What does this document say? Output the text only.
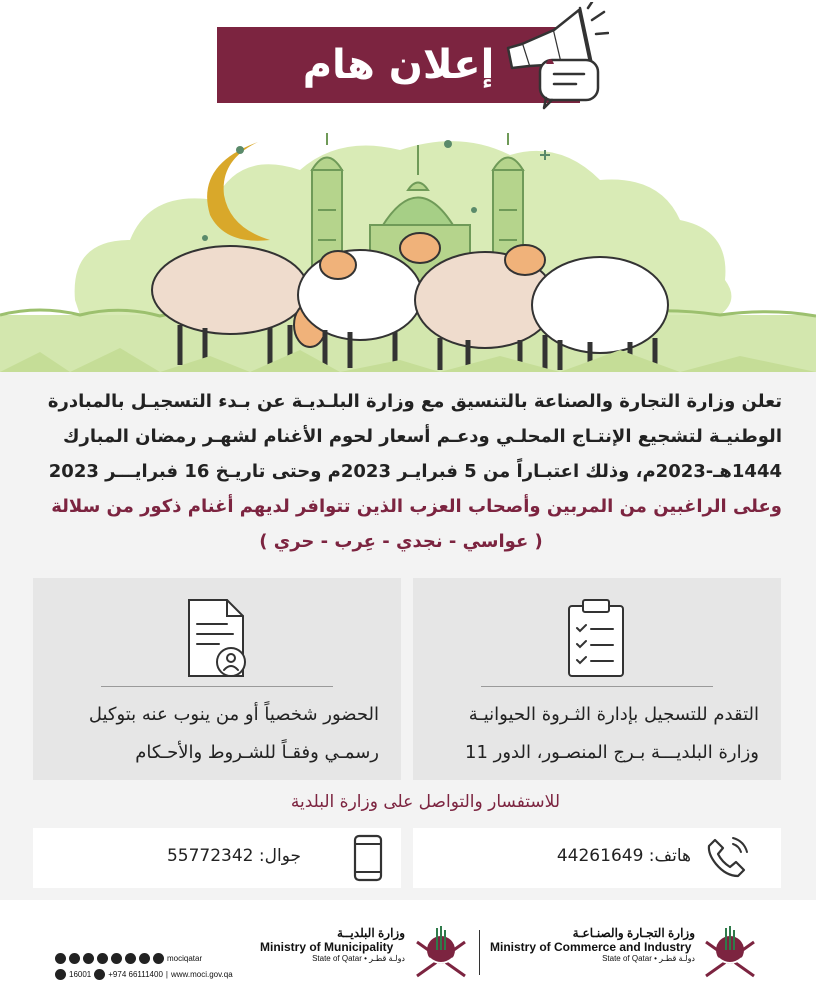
إعلان هام
تعلن وزارة التجارة والصناعة بالتنسيق مع وزارة البلـديـة عن بـدء التسجيـل بالمبادرة
الوطنيـة لتشجيع الإنتـاج المحلـي ودعـم أسعار لحوم الأغنام لشهـر رمضان المبارك
1444هـ-2023م، وذلك اعتبـاراً من 5 فبرايـر 2023م وحتى تاريـخ 16 فبرايـــر 2023
وعلى الراغبين من المربين وأصحاب العزب الذين تتوافر لديهم أغنام ذكور من سلالة
( عواسي - نجدي - عِرب - حري )
التقدم للتسجيل بإدارة الثـروة الحيوانيـة
وزارة البلديـــة بـرج المنصـور، الدور 11
الحضور شخصياً أو من ينوب عنه بتوكيل
رسمـي وفقـاً للشـروط والأحـكام
للاستفسار والتواصل على وزارة البلدية
هاتف: 44261649
جوال: 55772342
وزارة التجـارة والصنـاعـة
Ministry of Commerce and Industry
State of Qatar • دولـة قطـر
وزارة البلديــة
Ministry of Municipality
State of Qatar • دولـة قطـر
mociqatar
16001 +974 66111400 | www.moci.gov.qa
